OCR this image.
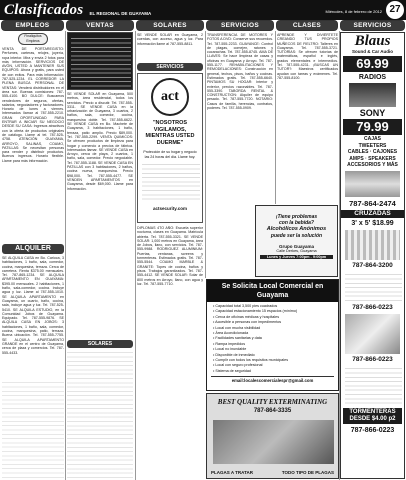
Clasificados EL REGIONAL DE GUAYAMA	Miércoles, 8 de febrero de 2012 27
EMPLEOS	VENTAS	SOLARES	SERVICIOS	CLASES	SERVICIOS
Finaliquitos Empleos
VENTA DE PORTAREGISTO: Perfumes, carteras, relojes, joyería, ropa interior. Mira y envía 2 fotos para más información. SERVICIOS DE AVÓN, USTED A MANTENER SUS EQUIPOS: Ahora y gratis, para usted de con exitos. Para más información: 787-525-1234. EL CORREDOR LA PLENA BUSCA PERSONAL DE VENTAS: Venderá distribuidores en el área sur. Buenas comisiones: 787-555-4100. BO DULCE: Buscamos vendedores de seguros, ofertas, salarios, negociadores y facturadores. Horario de lunes a viernes. Interesados llamar al 787-555-2210. GRAN OPORTUNIDAD PARA ENTRAR A INICIAR SU NEGOCIO DESDE SU CASA: Ingresos atractivos con la oferta de productos originales de catálogo. Llame al tel. 787-525-4758. ATENCIÓN GUAYAMA, ARROYO, SALINAS, COAMO, PATILLAS: Se necesitan personas para vender y distribuir productos. Buenos ingresos. Horario flexible. Llame para más información.
ALQUILER
SE ALQUILA CASA en Bo. Carioca, 3 habitaciones, 1 baño, sala, comedor, cocina, marquesina, terraza. Cerca de carretera. Renta $375.00 mensuales. Tel. 787-865-1234. SE ALQUILA APARTAMENTO EN GUAYAMA: $395.00 mensuales. 2 habitaciones, 1 baño, sala-comedor, cocina. Incluye agua y luz. Llame al 787-555-1010. SE ALQUILA APARTAMENTO en Guayama, un cuarto, baño, cocina, sala, incluye agua y luz. Tel. 787-525-5410. SE ALQUILA ESTUDIO, en la Comunidad Jobos de Guayama. Equipado. Tel. 787-555-9876. SE ALQUILA CASA EN JOBOS: 3 habitaciones, 1 baño, sala, comedor, cocina, marquesina, patio, terraza. Buena ubicación. Tel. 787-555-7755. SE ALQUILA APARTAMENTO GRANDE en el centro de Guayama, cerca de plaza y comercios. Tel. 787-555-4433.
SE VENDE SOLAR en Guayama, 500 metros, área residencial, todos los servicios. Precio a discutir. Tel. 787-555-3311. SE VENDE CASA en la urbanización de Guayama, 3 cuartos, 2 baños, sala, comedor, cocina, marquesina doble. Tel. 787-555-6622. SE VENDE CASA en Bo. Machete de Guayama, 3 habitaciones, 1 baño, terraza, patio amplio. Precio $89,000. Tel. 787-555-2299. VENTA QUIMICOS: Se ofrecen productos de limpieza para hogar y comercio a precios de fábrica. Interesados llamar. SE VENDE CASA en Arroyo, cerca de playa, 2 cuartos, 1 baño, sala, comedor. Precio negociable. Tel. 787-555-1188. SE VENDE CASA EN PATILLAS con 3 habitaciones, 2 baños, cocina nueva, marquesina. Precio $98,000. Tel. 787-555-4477. SE VENDEN APARTAMENTOS en Guayama, desde $69,000. Llame para información.
SOLARES
SE VENDE SOLAR en Guayama, 2 cuerdas, con acceso, agua y luz. Para información llame al 787-555-8811.
SERVICIOS
act
"NOSOTROS VIGILAMOS, MIENTRAS USTED DUERME"
Protección de su hogar y negocio las 24 horas del día. Llame hoy.
actsecurity.com
DIPLOMAS 4TO AÑO: Escuela superior nocturna, clases en Guayama. Matrícula abierta. Tel. 787-555-3321. SE VENDE SOLAR: 1,000 metros en Guayama, área de Jobos, llano, con servicios. Tel. 787-555-9988. RODRIGUEZ ALUMINIUM: Puertas, ventanas, screens y tormenteras. Estimados gratis. Tel. 787-555-5544. COAMO MARBLE & GRANITE: Topes de cocina, baños y pisos. Trabajos garantizados. Tel. 787-555-4412. SE VENDE SOLAR: Solar de 800 metros en Arroyo, llano, con agua y luz. Tel. 787-555-7710.
TRANSFERENCIA DE MOTORES Y FOTOS A DVD: Conserve sus recuerdos. Tel. 787-555-2233. GUAYANCE: Control de plagas, comejen, ratones y cucarachas. Tel. 787-555-8745. AMA DE LLAVES: Se hace limpieza de casas y oficinas en Guayama y Arroyo. Tel. 787-555-1177. REHABILITACIONES Y REMODELACIONES: Construcción en general, techos, pisos, baños y cocinas. Estimados gratis. Tel. 787-555-6640. PINTAMOS SU HOGAR: Interior y exterior, precios razonables. Tel. 787-555-3390. TABORDA RENTAL & CONSTRUCTION: Alquiler de equipo pesado. Tel. 787-555-7720. NOTARIO: Casos de familia, herencias, contratos, poderes. Tel. 787-555-0909.
APRENDE Y DIVIÉRTETE CREANDO TUS PROPIOS MUÑECOS DE FIELTRO: Talleres en Guayama. Tel. 787-555-3721. TUTORÍAS: Se ofrecen tutorías de matemáticas, español e inglés, grados elementales e intermedios. Tel. 787-555-4231. ¡BUSCAS UN TUTOR?: Maestros certificados ayudan con tareas y exámenes. Tel. 787-555-8100.
¡Tiene problemas
con la bebida?
Alcohólicos Anónimos
puede ser la solución
Grupo Guayama
Calle Derkes, Guayama
Lunes y Jueves 7:00pm - 9:00pm
Se Solicita Local Comercial en Guayama
• Capacidad total 3,500 pies cuadrados
• Capacidad estacionamiento 15 espacios (mínimo)
• Cerca de oficinas médicas y hospitales
• Accesible a personas con impedimentos
• Local con mucha visibilidad
• Área Acondicionada
• Facilidades sanitarias y data
• Rampa impedidos
• Local no inundable
• Disponible de inmediato
• Cumplir con todos los requisitos municipales
• Local con seguro profesional
• Sistema de seguridad
email:localescomercialespr@gmail.com
BEST QUALITY EXTERMINATING
787-864-3335
PLAGAS A TRATAR	TODO TIPO DE PLAGAS
Blaus
Sound & Car Audio
69.99
RADIOS
SONY
79.99
CAJAS
TWEETERS
CABLES · CAJONES
AMPS · SPEAKERS
ACCESORIOS Y MÁS
787-864-2474
CRUZADAS
3' x 5' $18.99
787-864-3200
787-866-0223
787-866-0223
TORMENTERAS DESDE $4.00 p2
787-866-0223
